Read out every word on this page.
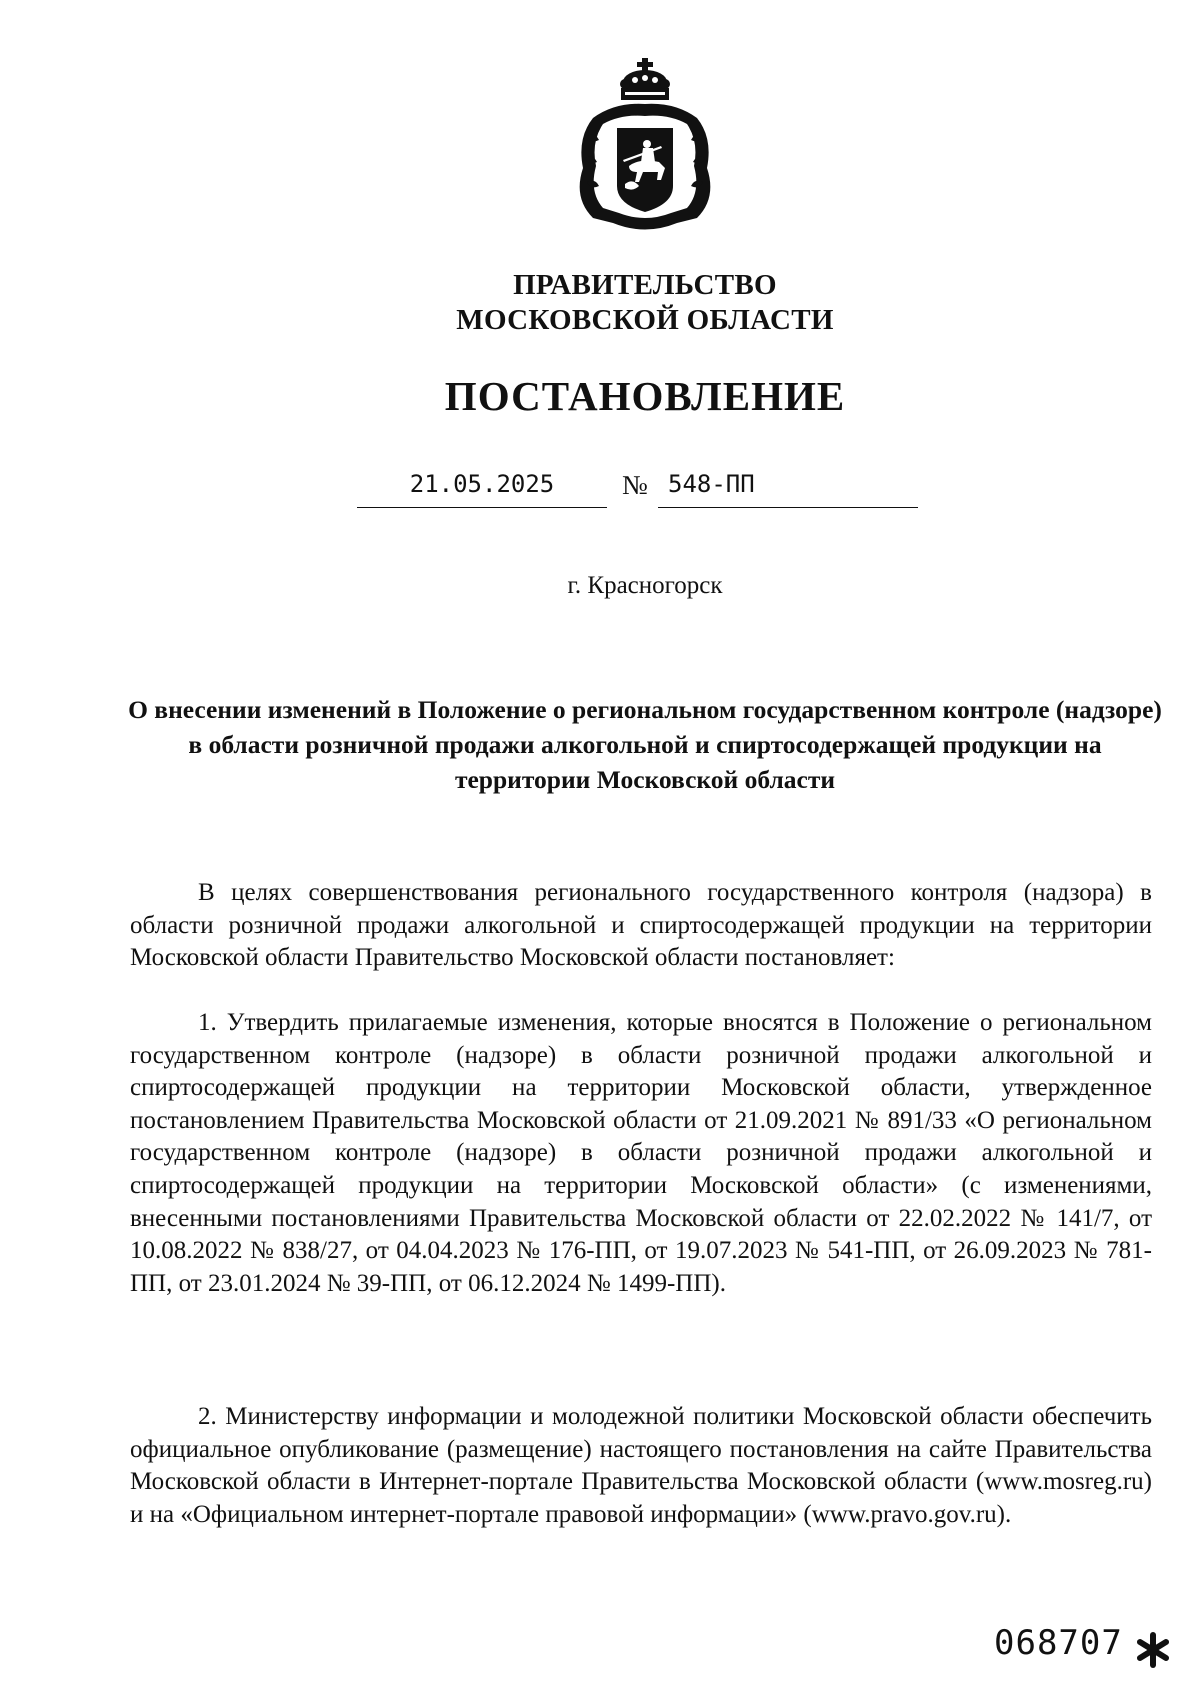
ПРАВИТЕЛЬСТВО
МОСКОВСКОЙ ОБЛАСТИ
ПОСТАНОВЛЕНИЕ
21.05.2025	№ 548-ПП
г. Красногорск
О внесении изменений в Положение о региональном государственном контроле (надзоре) в области розничной продажи алкогольной и спиртосодержащей продукции на территории Московской области
В целях совершенствования регионального государственного контроля (надзора) в области розничной продажи алкогольной и спиртосодержащей продукции на территории Московской области Правительство Московской области постановляет:
1. Утвердить прилагаемые изменения, которые вносятся в Положение о региональном государственном контроле (надзоре) в области розничной продажи алкогольной и спиртосодержащей продукции на территории Московской области, утвержденное постановлением Правительства Московской области от 21.09.2021 № 891/33 «О региональном государственном контроле (надзоре) в области розничной продажи алкогольной и спиртосодержащей продукции на территории Московской области» (с изменениями, внесенными постановлениями Правительства Московской области от 22.02.2022 № 141/7, от 10.08.2022 № 838/27, от 04.04.2023 № 176-ПП, от 19.07.2023 № 541-ПП, от 26.09.2023 № 781-ПП, от 23.01.2024 № 39-ПП, от 06.12.2024 № 1499-ПП).
2. Министерству информации и молодежной политики Московской области обеспечить официальное опубликование (размещение) настоящего постановления на сайте Правительства Московской области в Интернет-портале Правительства Московской области (www.mosreg.ru) и на «Официальном интернет-портале правовой информации» (www.pravo.gov.ru).
068707
